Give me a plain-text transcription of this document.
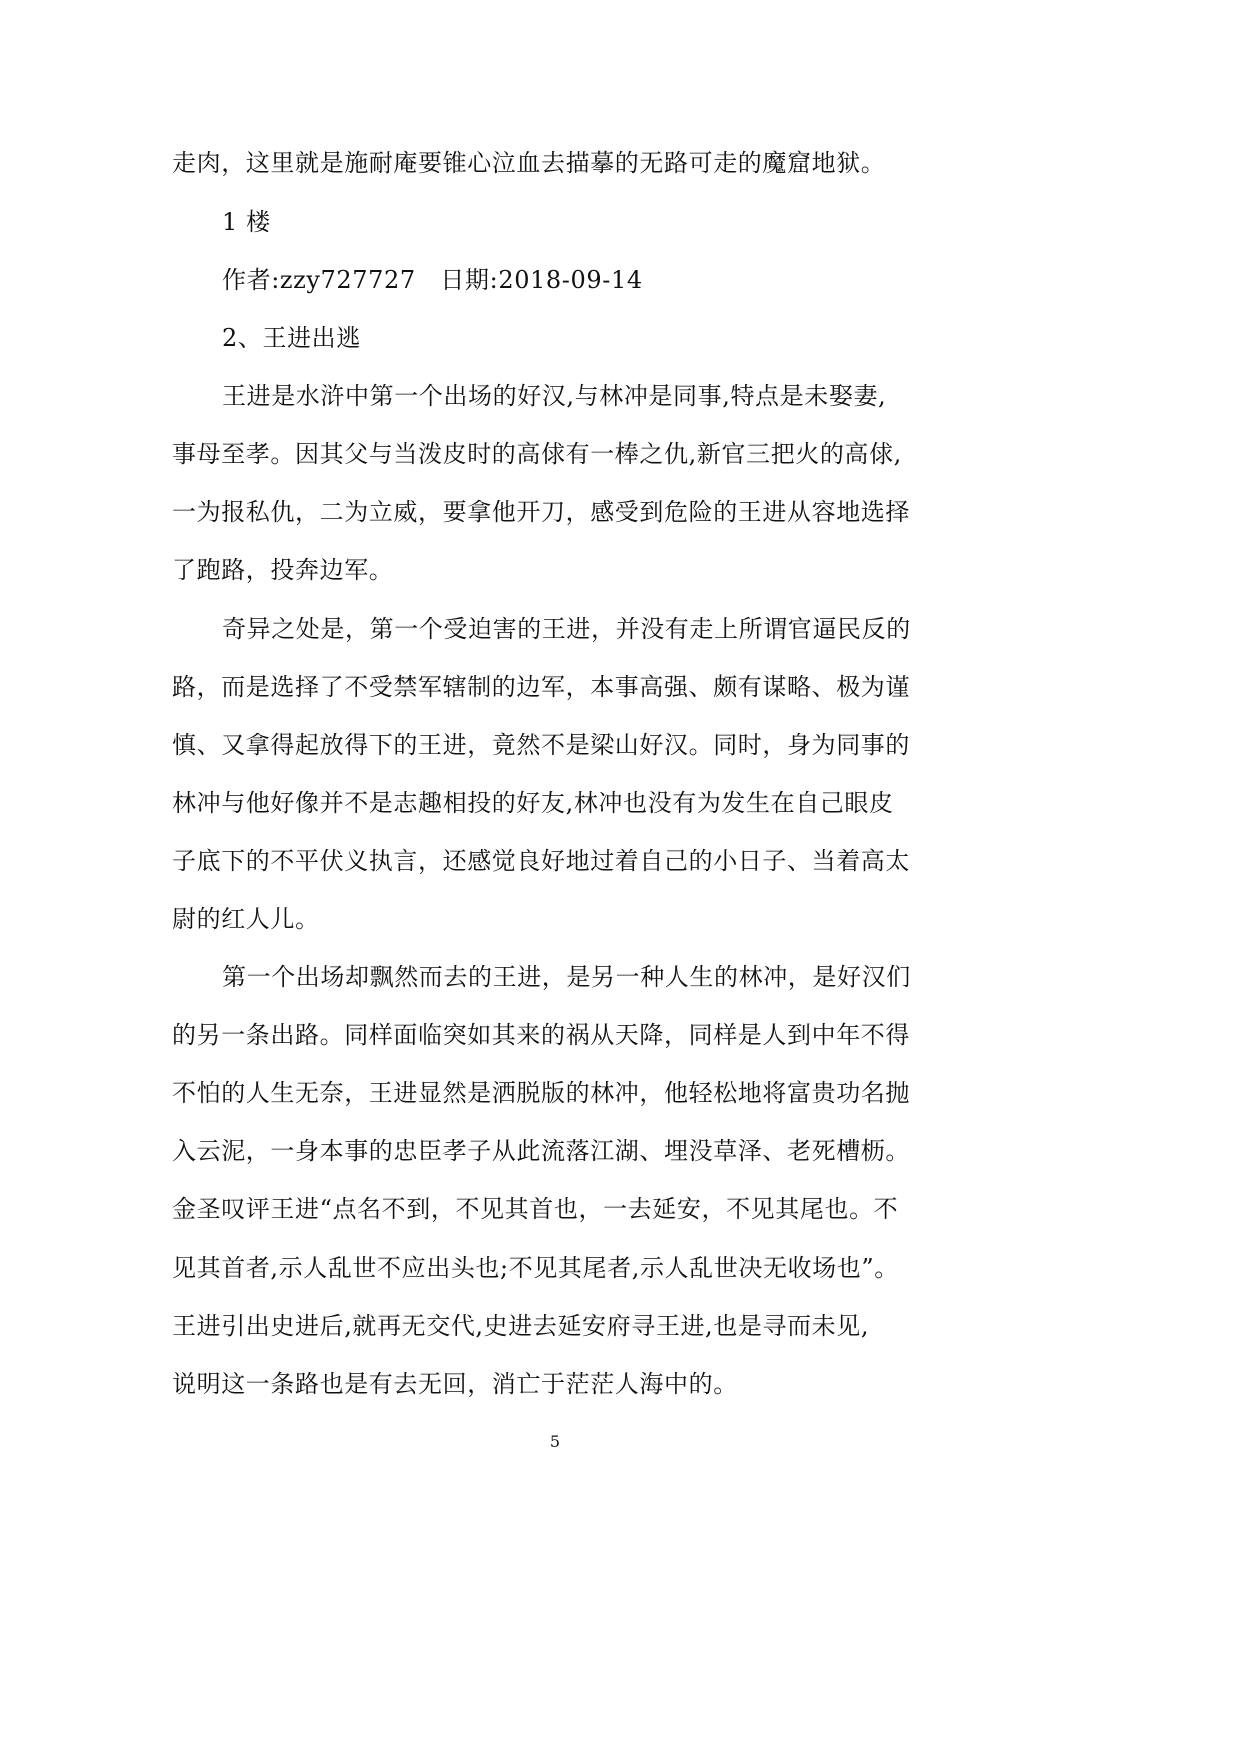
走肉，这里就是施耐庵要锥心泣血去描摹的无路可走的魔窟地狱。
1 楼
作者:zzy727727   日期:2018-09-14
2、王进出逃
王进是水浒中第一个出场的好汉,与林冲是同事,特点是未娶妻,
事母至孝。因其父与当泼皮时的高俅有一棒之仇,新官三把火的高俅,
一为报私仇，二为立威，要拿他开刀，感受到危险的王进从容地选择
了跑路，投奔边军。
奇异之处是，第一个受迫害的王进，并没有走上所谓官逼民反的
路，而是选择了不受禁军辖制的边军，本事高强、颇有谋略、极为谨
慎、又拿得起放得下的王进，竟然不是梁山好汉。同时，身为同事的
林冲与他好像并不是志趣相投的好友,林冲也没有为发生在自己眼皮
子底下的不平伏义执言，还感觉良好地过着自己的小日子、当着高太
尉的红人儿。
第一个出场却飘然而去的王进，是另一种人生的林冲，是好汉们
的另一条出路。同样面临突如其来的祸从天降，同样是人到中年不得
不怕的人生无奈，王进显然是洒脱版的林冲，他轻松地将富贵功名抛
入云泥，一身本事的忠臣孝子从此流落江湖、埋没草泽、老死槽枥。
金圣叹评王进“点名不到，不见其首也，一去延安，不见其尾也。不
见其首者,示人乱世不应出头也;不见其尾者,示人乱世决无收场也”。
王进引出史进后,就再无交代,史进去延安府寻王进,也是寻而未见,
说明这一条路也是有去无回，消亡于茫茫人海中的。
5
